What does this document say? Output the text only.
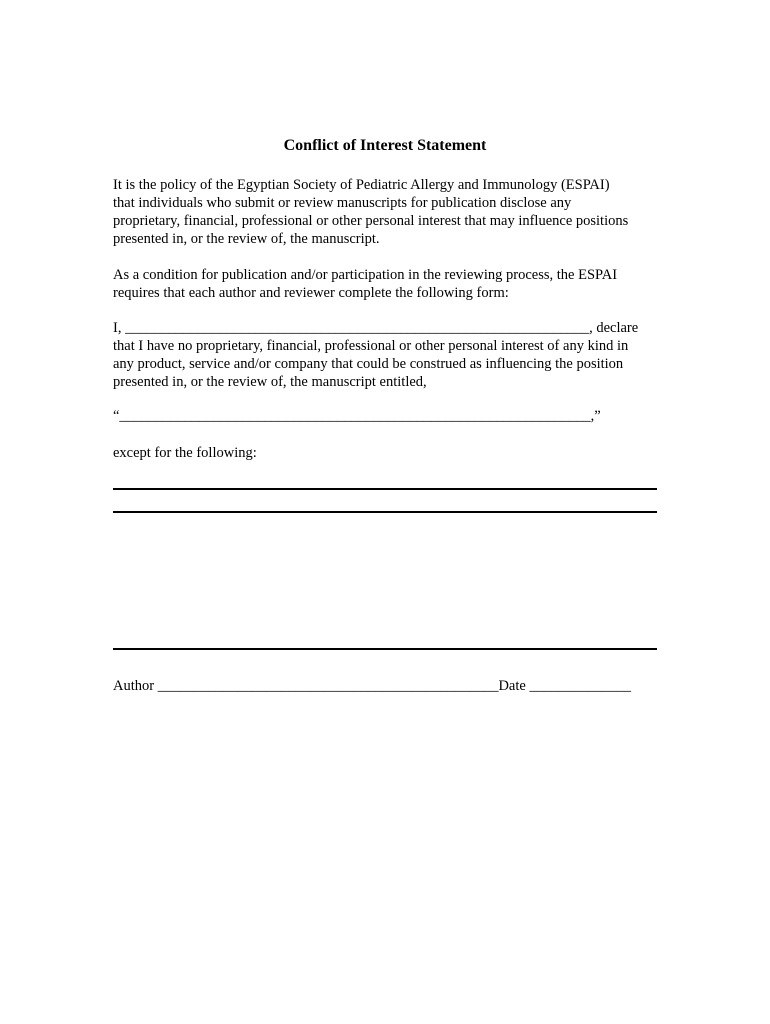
Conflict of Interest Statement
It is the policy of the Egyptian Society of Pediatric Allergy and Immunology (ESPAI)
that individuals who submit or review manuscripts for publication disclose any
proprietary, financial, professional or other personal interest that may influence positions
presented in, or the review of, the manuscript.
As a condition for publication and/or participation in the reviewing process, the ESPAI
requires that each author and reviewer complete the following form:
I, ________________________________________________________________, declare
that I have no proprietary, financial, professional or other personal interest of any kind in
any product, service and/or company that could be construed as influencing the position
presented in, or the review of, the manuscript entitled,
“_________________________________________________________________,”
except for the following:
Author _______________________________________________Date ______________
